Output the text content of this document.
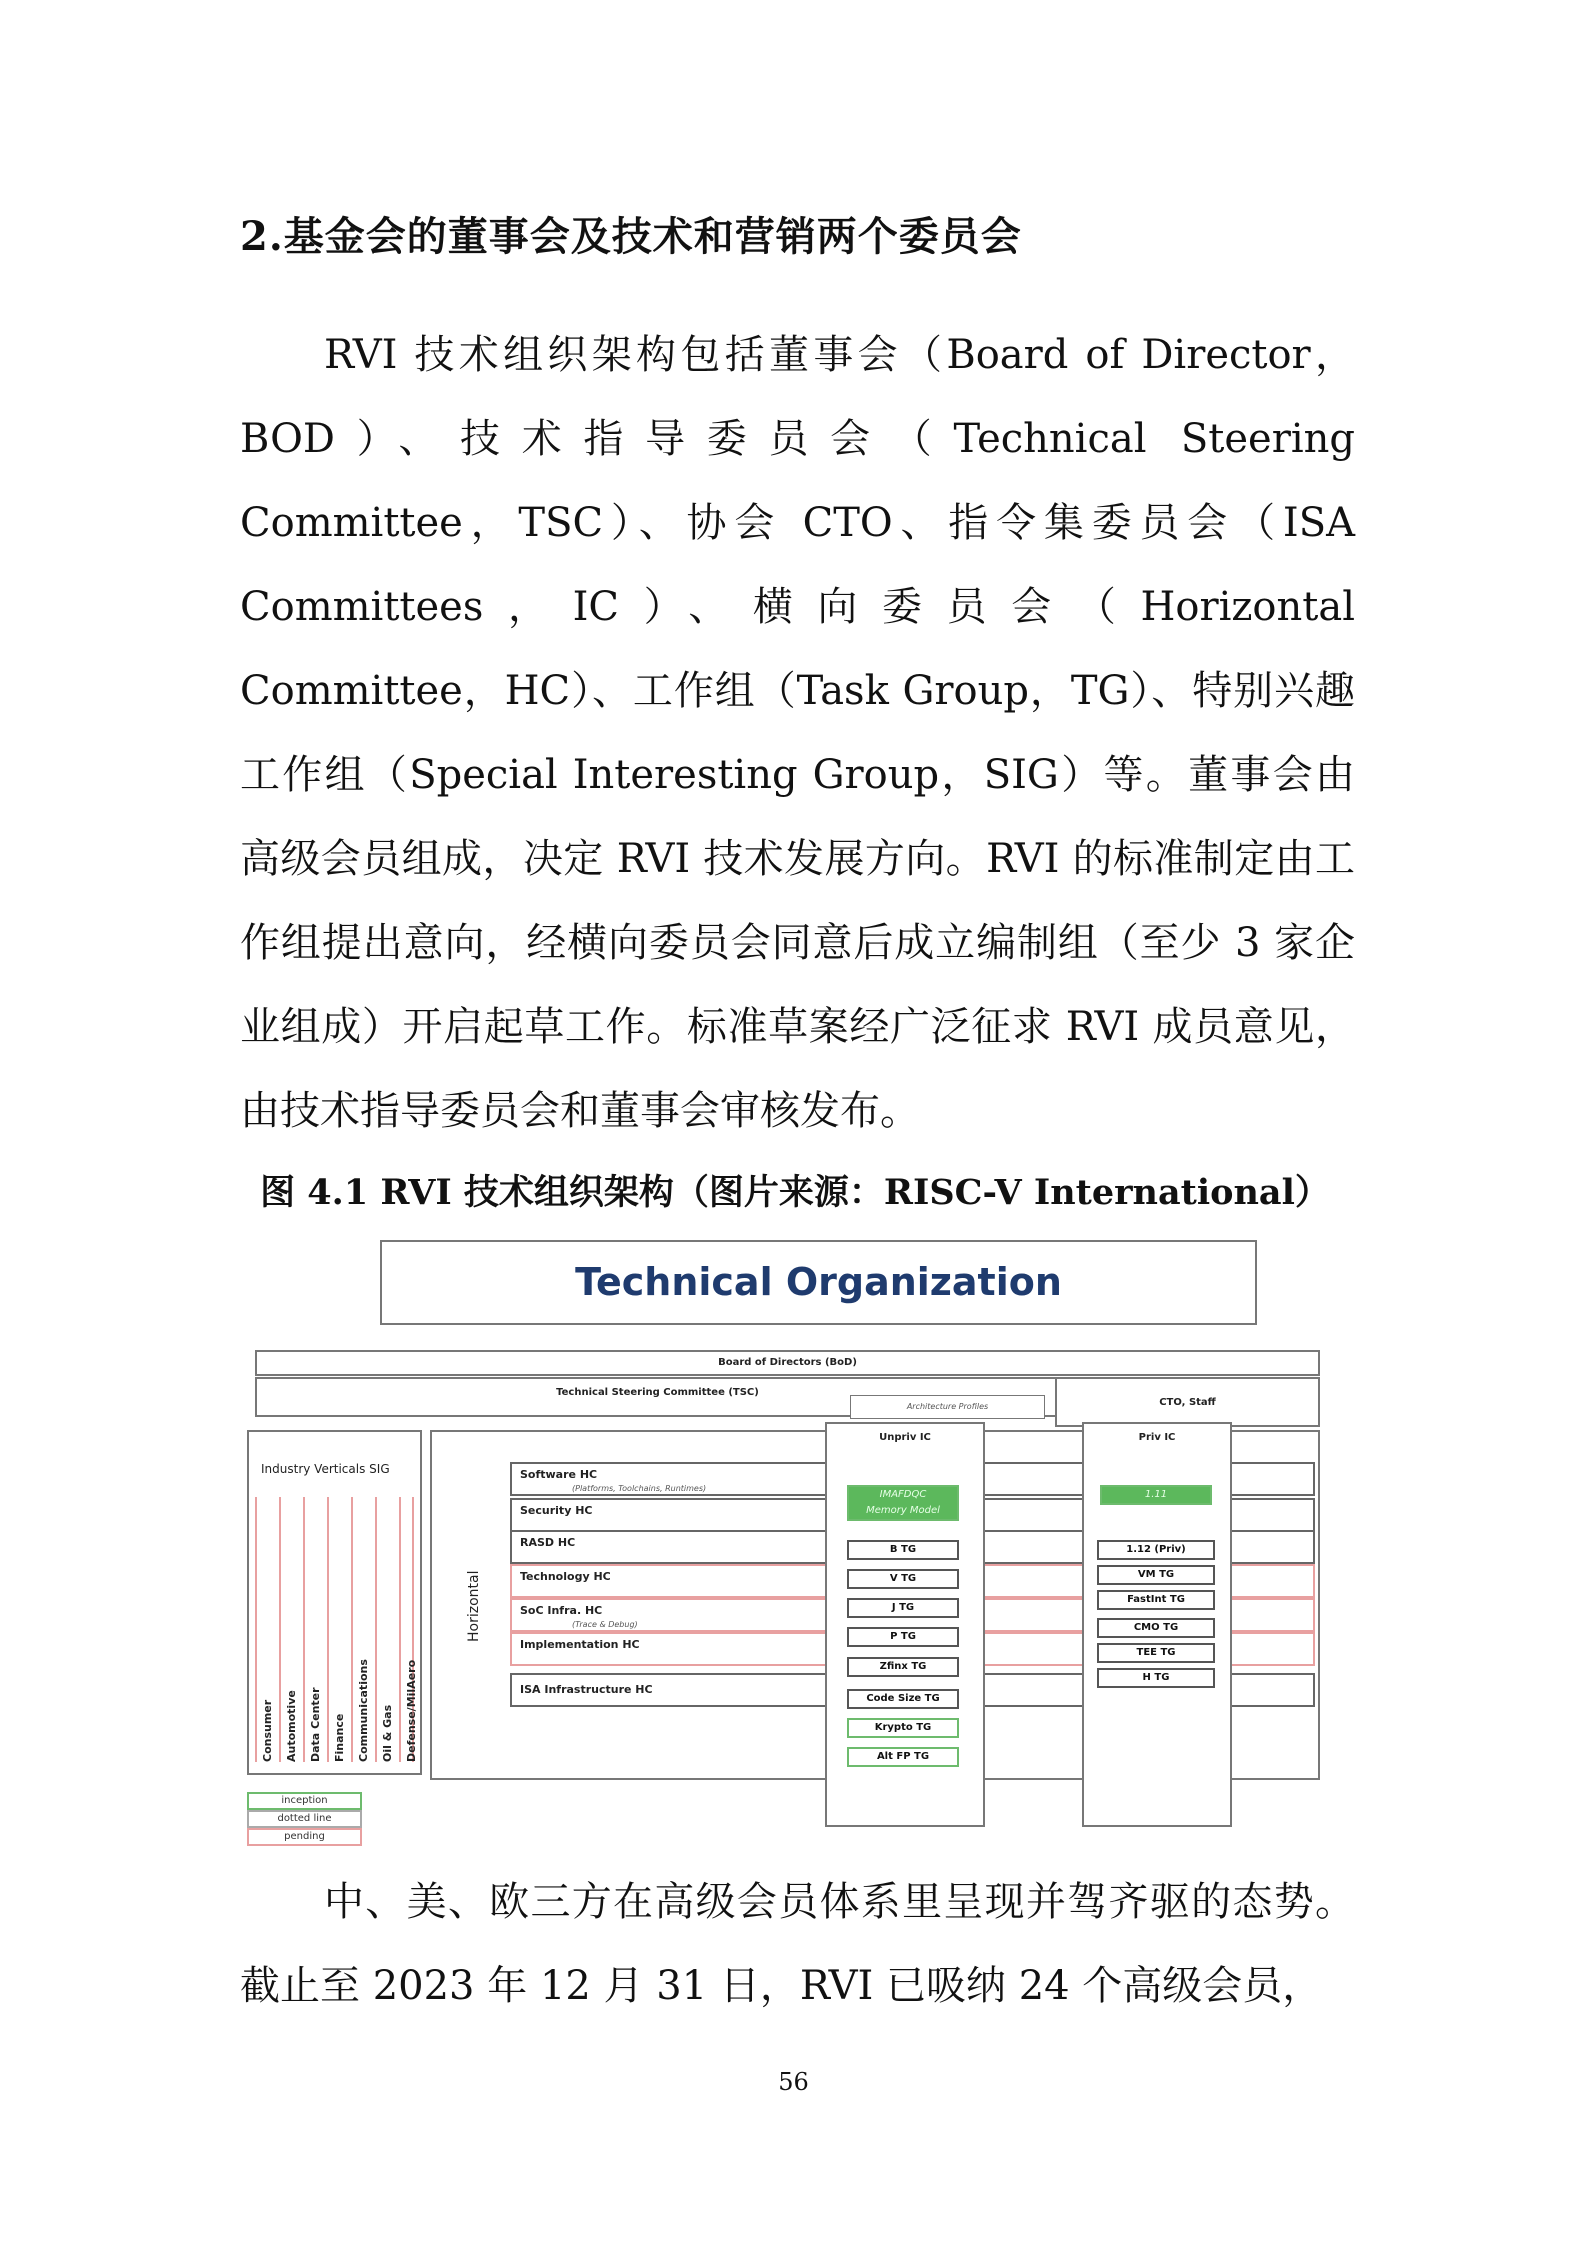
2.基金会的董事会及技术和营销两个委员会

RVI 技术组织架构包括董事会（Board of Director，BOD）、技术指导委员会（Technical Steering Committee，TSC）、协会 CTO、指令集委员会（ISA Committees，IC）、横向委员会（Horizontal Committee，HC）、工作组（Task Group，TG）、特别兴趣工作组（Special Interesting Group，SIG）等。董事会由高级会员组成，决定 RVI 技术发展方向。RVI 的标准制定由工作组提出意向，经横向委员会同意后成立编制组（至少 3 家企业组成）开启起草工作。标准草案经广泛征求 RVI 成员意见，由技术指导委员会和董事会审核发布。

图 4.1 RVI 技术组织架构（图片来源：RISC-V International）
Technical Organization
Board of Directors (BoD)
Technical Steering Committee (TSC)
Architecture Profiles	CTO, Staff
Industry Verticals SIG
Consumer Automotive Data Center Finance Communications Oil & Gas Defense/MilAero
Horizontal
Software HC
(Platforms, Toolchains, Runtimes)
Security HC
RASD HC
Technology HC
SoC Infra. HC
(Trace & Debug)
Implementation HC
ISA Infrastructure HC
Unpriv IC
IMAFDQC
Memory Model
B TG
V TG
J TG
P TG
Zfinx TG
Code Size TG
Krypto TG
Alt FP TG
Priv IC
1.11
1.12 (Priv)
VM TG
FastInt TG
CMO TG
TEE TG
H TG
inception
dotted line
pending

中、美、欧三方在高级会员体系里呈现并驾齐驱的态势。截止至 2023 年 12 月 31 日，RVI 已吸纳 24 个高级会员，

56
